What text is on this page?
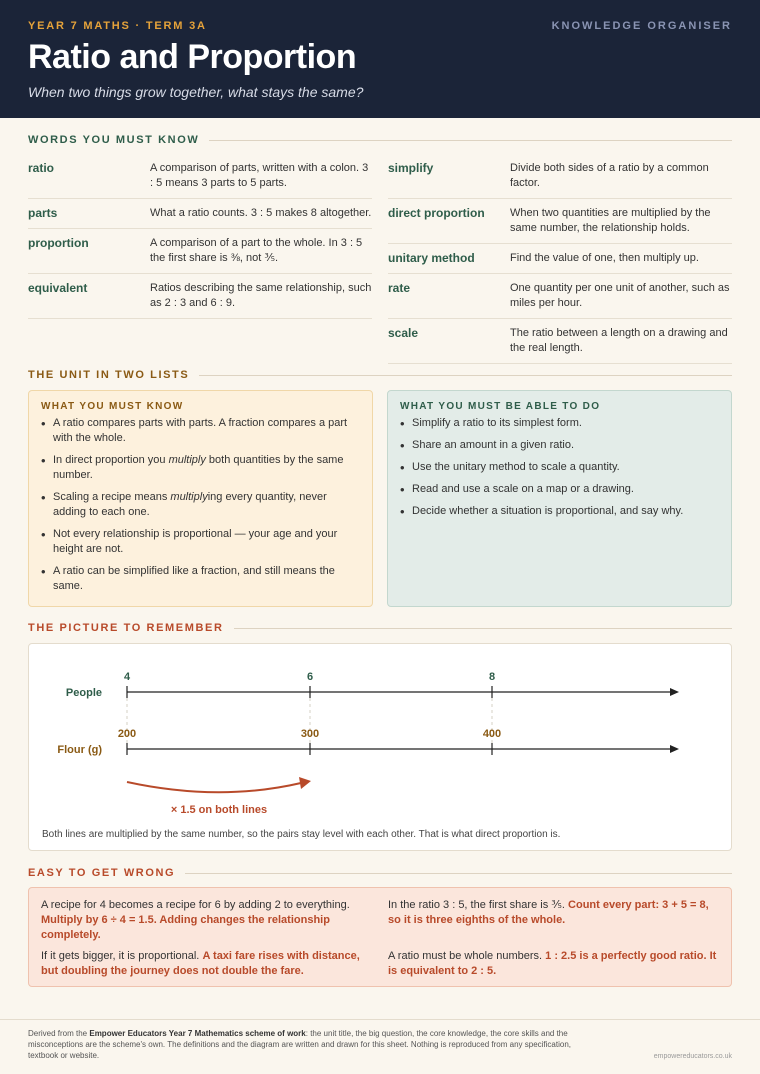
YEAR 7 MATHS · TERM 3A	KNOWLEDGE ORGANISER
Ratio and Proportion
When two things grow together, what stays the same?
WORDS YOU MUST KNOW
ratio	A comparison of parts, written with a colon. 3 : 5 means 3 parts to 5 parts.
parts	What a ratio counts. 3 : 5 makes 8 altogether.
proportion	A comparison of a part to the whole. In 3 : 5 the first share is ⅜, not ⅗.
equivalent	Ratios describing the same relationship, such as 2 : 3 and 6 : 9.
simplify	Divide both sides of a ratio by a common factor.
direct proportion	When two quantities are multiplied by the same number, the relationship holds.
unitary method	Find the value of one, then multiply up.
rate	One quantity per one unit of another, such as miles per hour.
scale	The ratio between a length on a drawing and the real length.
THE UNIT IN TWO LISTS
WHAT YOU MUST KNOW
• A ratio compares parts with parts. A fraction compares a part with the whole.
• In direct proportion you multiply both quantities by the same number.
• Scaling a recipe means multiplying every quantity, never adding to each one.
• Not every relationship is proportional — your age and your height are not.
• A ratio can be simplified like a fraction, and still means the same.
WHAT YOU MUST BE ABLE TO DO
• Simplify a ratio to its simplest form.
• Share an amount in a given ratio.
• Use the unitary method to scale a quantity.
• Read and use a scale on a map or a drawing.
• Decide whether a situation is proportional, and say why.
THE PICTURE TO REMEMBER
People
4	6	8
Flour (g)
200	300	400
× 1.5 on both lines
Both lines are multiplied by the same number, so the pairs stay level with each other. That is what direct proportion is.
EASY TO GET WRONG
A recipe for 4 becomes a recipe for 6 by adding 2 to everything. Multiply by 6 ÷ 4 = 1.5. Adding changes the relationship completely.
In the ratio 3 : 5, the first share is ⅗. Count every part: 3 + 5 = 8, so it is three eighths of the whole.
If it gets bigger, it is proportional. A taxi fare rises with distance, but doubling the journey does not double the fare.
A ratio must be whole numbers. 1 : 2.5 is a perfectly good ratio. It is equivalent to 2 : 5.
Derived from the Empower Educators Year 7 Mathematics scheme of work: the unit title, the big question, the core knowledge, the core skills and the misconceptions are the scheme's own. The definitions and the diagram are written and drawn for this sheet. Nothing is reproduced from any specification, textbook or website.	empowereducators.co.uk
